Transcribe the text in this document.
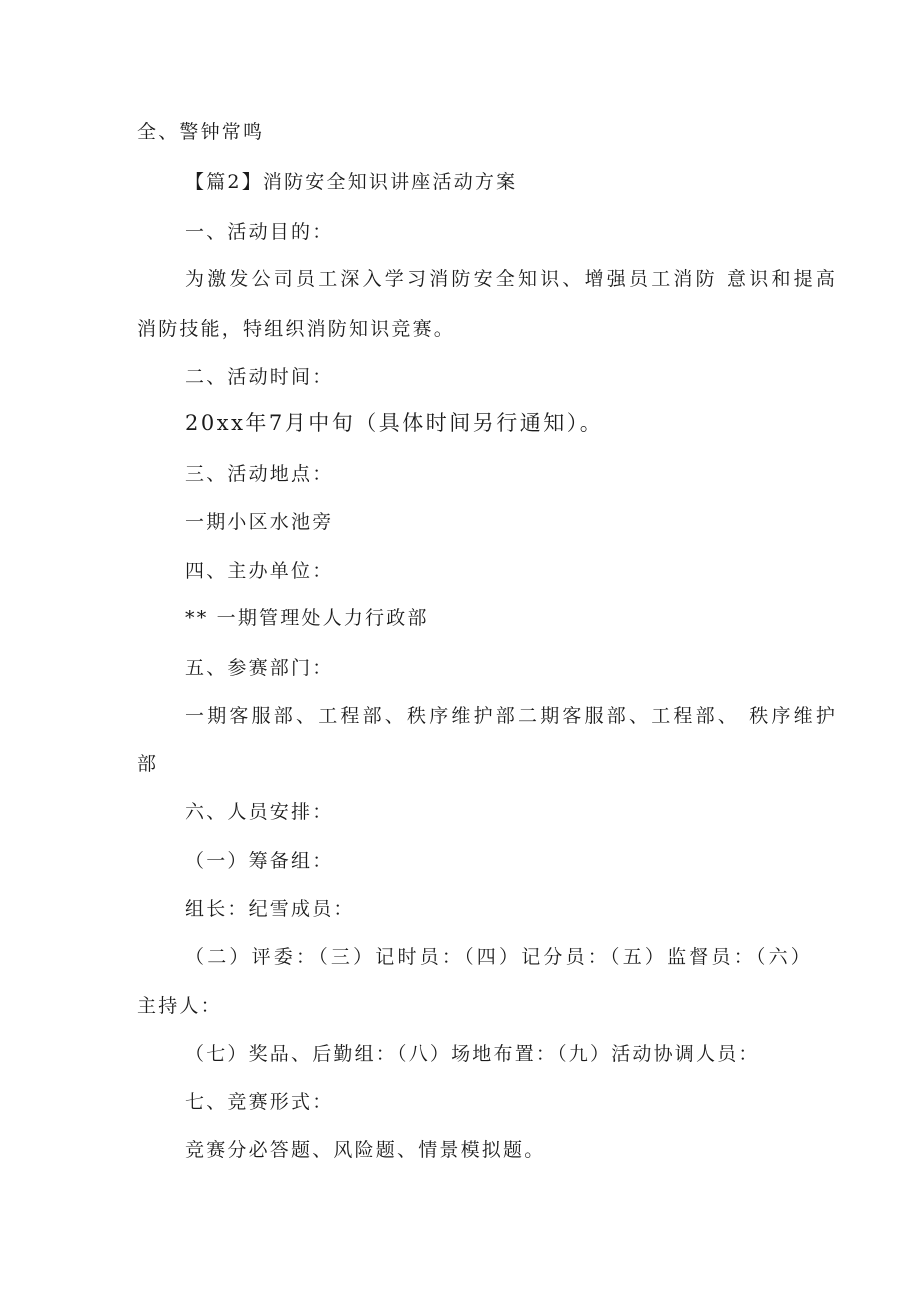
全、警钟常鸣
【篇2】消防安全知识讲座活动方案
一、活动目的：
为激发公司员工深入学习消防安全知识、增强员工消防 意识和提高
消防技能，特组织消防知识竞赛。
二、活动时间：
20xx年7月中旬（具体时间另行通知）。
三、活动地点：
一期小区水池旁
四、主办单位：
** 一期管理处人力行政部
五、参赛部门：
一期客服部、工程部、秩序维护部二期客服部、工程部、 秩序维护
部
六、人员安排：
（一）筹备组：
组长：纪雪成员：
（二）评委：（三）记时员：（四）记分员：（五）监督员：（六）
主持人：
（七）奖品、后勤组：（八）场地布置：（九）活动协调人员：
七、竞赛形式：
竞赛分必答题、风险题、情景模拟题。
